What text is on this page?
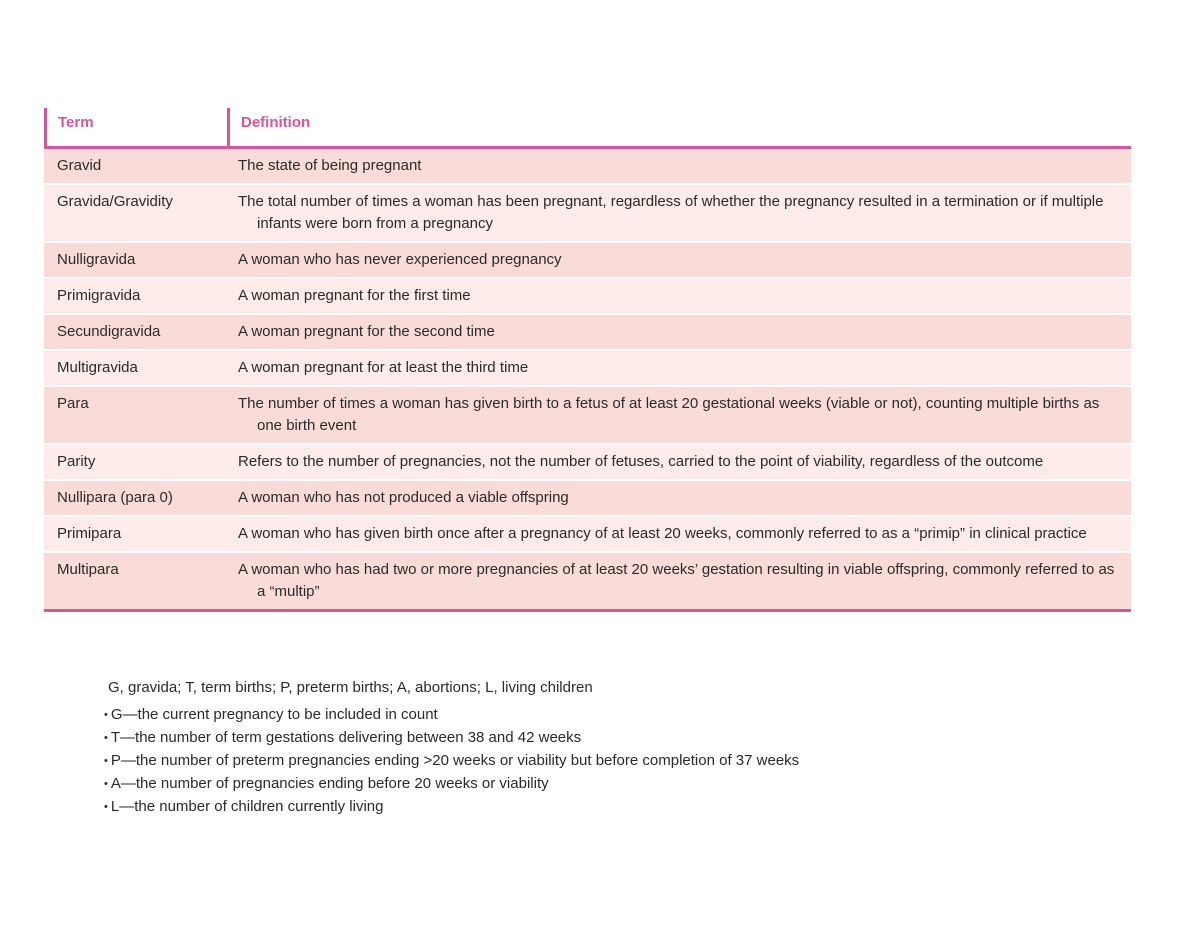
Term	Definition
Gravid	The state of being pregnant
Gravida/Gravidity	The total number of times a woman has been pregnant, regardless of whether the pregnancy resulted in a termination or if multiple infants were born from a pregnancy
Nulligravida	A woman who has never experienced pregnancy
Primigravida	A woman pregnant for the first time
Secundigravida	A woman pregnant for the second time
Multigravida	A woman pregnant for at least the third time
Para	The number of times a woman has given birth to a fetus of at least 20 gestational weeks (viable or not), counting multiple births as one birth event
Parity	Refers to the number of pregnancies, not the number of fetuses, carried to the point of viability, regardless of the outcome
Nullipara (para 0)	A woman who has not produced a viable offspring
Primipara	A woman who has given birth once after a pregnancy of at least 20 weeks, commonly referred to as a “primip” in clinical practice
Multipara	A woman who has had two or more pregnancies of at least 20 weeks’ gestation resulting in viable offspring, commonly referred to as a “multip”
G, gravida; T, term births; P, preterm births; A, abortions; L, living children
• G—the current pregnancy to be included in count
• T—the number of term gestations delivering between 38 and 42 weeks
• P—the number of preterm pregnancies ending >20 weeks or viability but before completion of 37 weeks
• A—the number of pregnancies ending before 20 weeks or viability
• L—the number of children currently living
